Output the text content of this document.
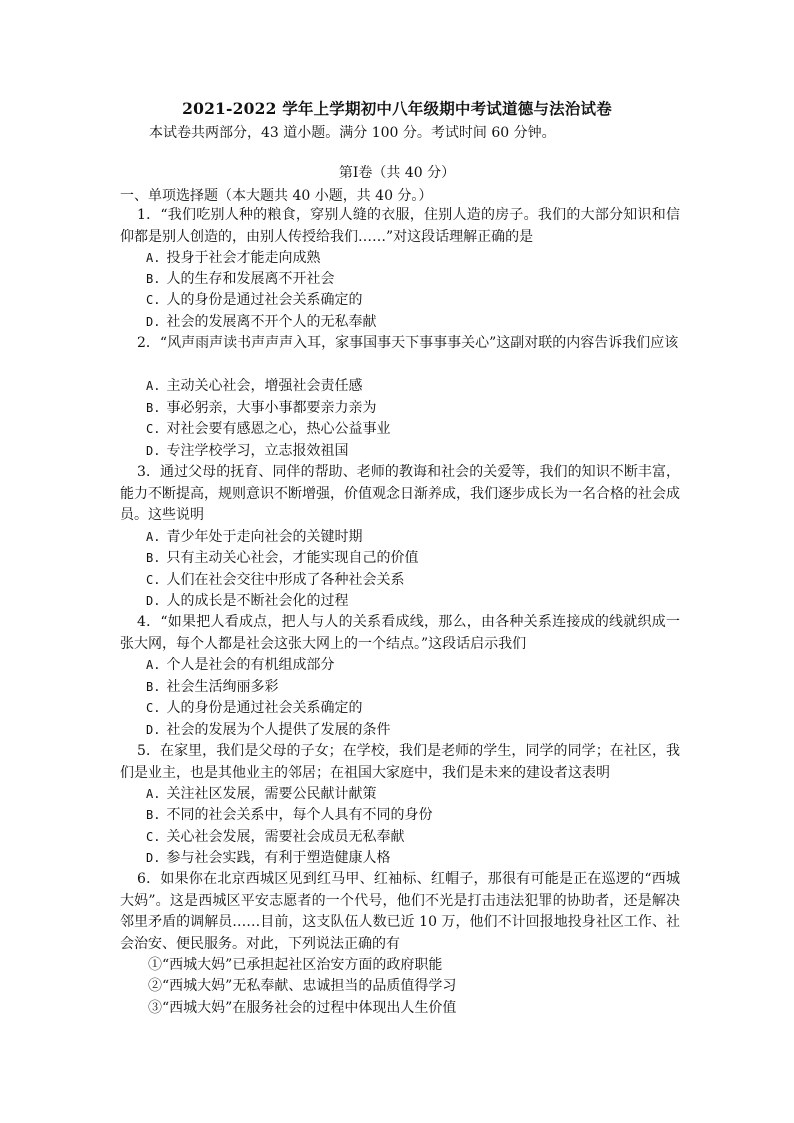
2021-2022 学年上学期初中八年级期中考试道德与法治试卷
本试卷共两部分，43 道小题。满分 100 分。考试时间 60 分钟。
第Ⅰ卷（共 40 分）
一、单项选择题（本大题共 40 小题，共 40 分。）
1．“我们吃别人种的粮食，穿别人缝的衣服，住别人造的房子。我们的大部分知识和信仰都是别人创造的，由别人传授给我们……”对这段话理解正确的是
A. 投身于社会才能走向成熟
B. 人的生存和发展离不开社会
C. 人的身份是通过社会关系确定的
D. 社会的发展离不开个人的无私奉献
2．“风声雨声读书声声声入耳，家事国事天下事事事关心”这副对联的内容告诉我们应该
A. 主动关心社会，增强社会责任感
B. 事必躬亲，大事小事都要亲力亲为
C. 对社会要有感恩之心，热心公益事业
D. 专注学校学习，立志报效祖国
3．通过父母的抚育、同伴的帮助、老师的教诲和社会的关爱等，我们的知识不断丰富，能力不断提高，规则意识不断增强，价值观念日渐养成，我们逐步成长为一名合格的社会成员。这些说明
A. 青少年处于走向社会的关键时期
B. 只有主动关心社会，才能实现自己的价值
C. 人们在社会交往中形成了各种社会关系
D. 人的成长是不断社会化的过程
4．“如果把人看成点，把人与人的关系看成线，那么，由各种关系连接成的线就织成一张大网，每个人都是社会这张大网上的一个结点。”这段话启示我们
A. 个人是社会的有机组成部分
B. 社会生活绚丽多彩
C. 人的身份是通过社会关系确定的
D. 社会的发展为个人提供了发展的条件
5．在家里，我们是父母的子女；在学校，我们是老师的学生，同学的同学；在社区，我们是业主，也是其他业主的邻居；在祖国大家庭中，我们是未来的建设者这表明
A. 关注社区发展，需要公民献计献策
B. 不同的社会关系中，每个人具有不同的身份
C. 关心社会发展，需要社会成员无私奉献
D. 参与社会实践，有利于塑造健康人格
6．如果你在北京西城区见到红马甲、红袖标、红帽子，那很有可能是正在巡逻的“西城大妈”。这是西城区平安志愿者的一个代号，他们不光是打击违法犯罪的协助者，还是解决邻里矛盾的调解员……目前，这支队伍人数已近 10 万，他们不计回报地投身社区工作、社会治安、便民服务。对此，下列说法正确的有
①“西城大妈”已承担起社区治安方面的政府职能
②“西城大妈”无私奉献、忠诚担当的品质值得学习
③“西城大妈”在服务社会的过程中体现出人生价值
